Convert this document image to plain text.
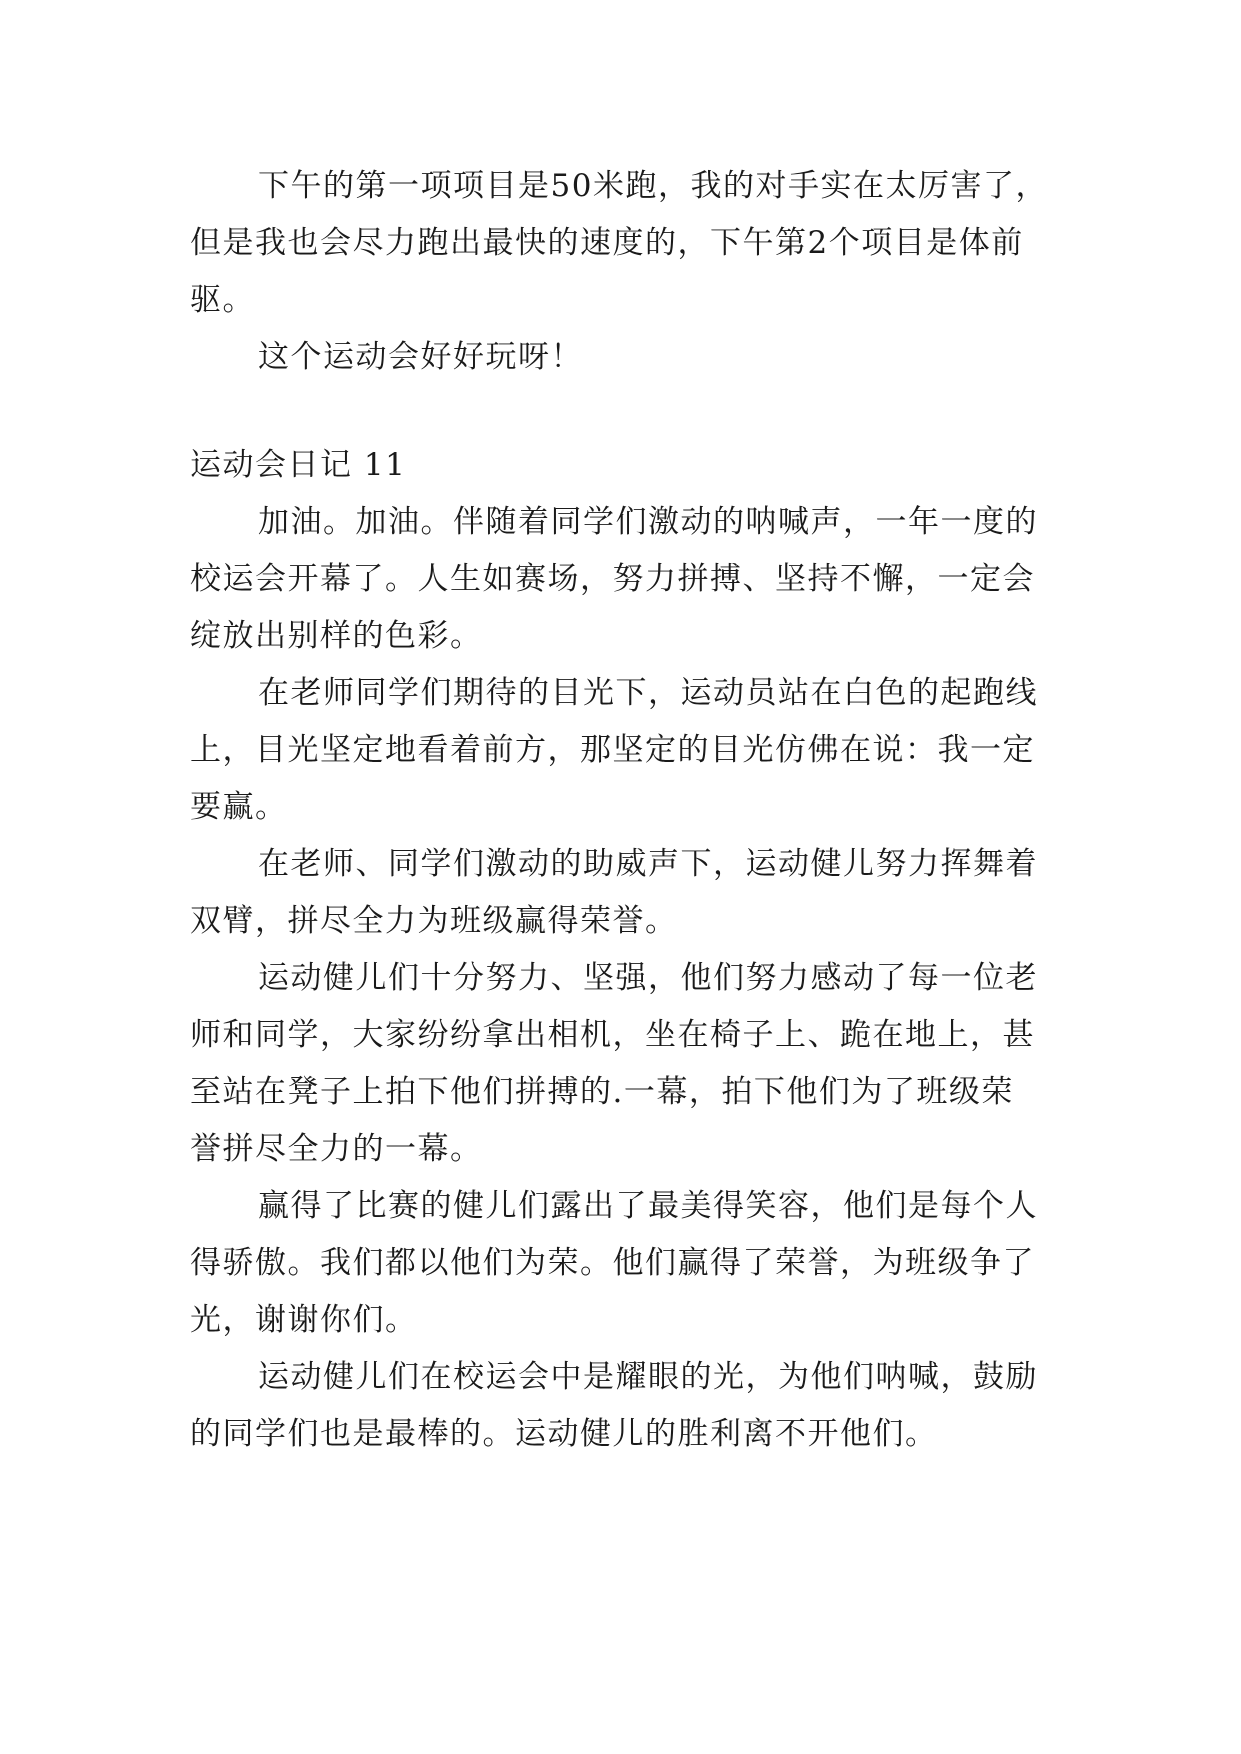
下午的第一项项目是50米跑，我的对手实在太厉害了，
但是我也会尽力跑出最快的速度的，下午第2个项目是体前
驱。
这个运动会好好玩呀！
运动会日记 11
加油。加油。伴随着同学们激动的呐喊声，一年一度的
校运会开幕了。人生如赛场，努力拼搏、坚持不懈，一定会
绽放出别样的色彩。
在老师同学们期待的目光下，运动员站在白色的起跑线
上，目光坚定地看着前方，那坚定的目光仿佛在说：我一定
要赢。
在老师、同学们激动的助威声下，运动健儿努力挥舞着
双臂，拼尽全力为班级赢得荣誉。
运动健儿们十分努力、坚强，他们努力感动了每一位老
师和同学，大家纷纷拿出相机，坐在椅子上、跪在地上，甚
至站在凳子上拍下他们拼搏的.一幕，拍下他们为了班级荣
誉拼尽全力的一幕。
赢得了比赛的健儿们露出了最美得笑容，他们是每个人
得骄傲。我们都以他们为荣。他们赢得了荣誉，为班级争了
光，谢谢你们。
运动健儿们在校运会中是耀眼的光，为他们呐喊，鼓励
的同学们也是最棒的。运动健儿的胜利离不开他们。
